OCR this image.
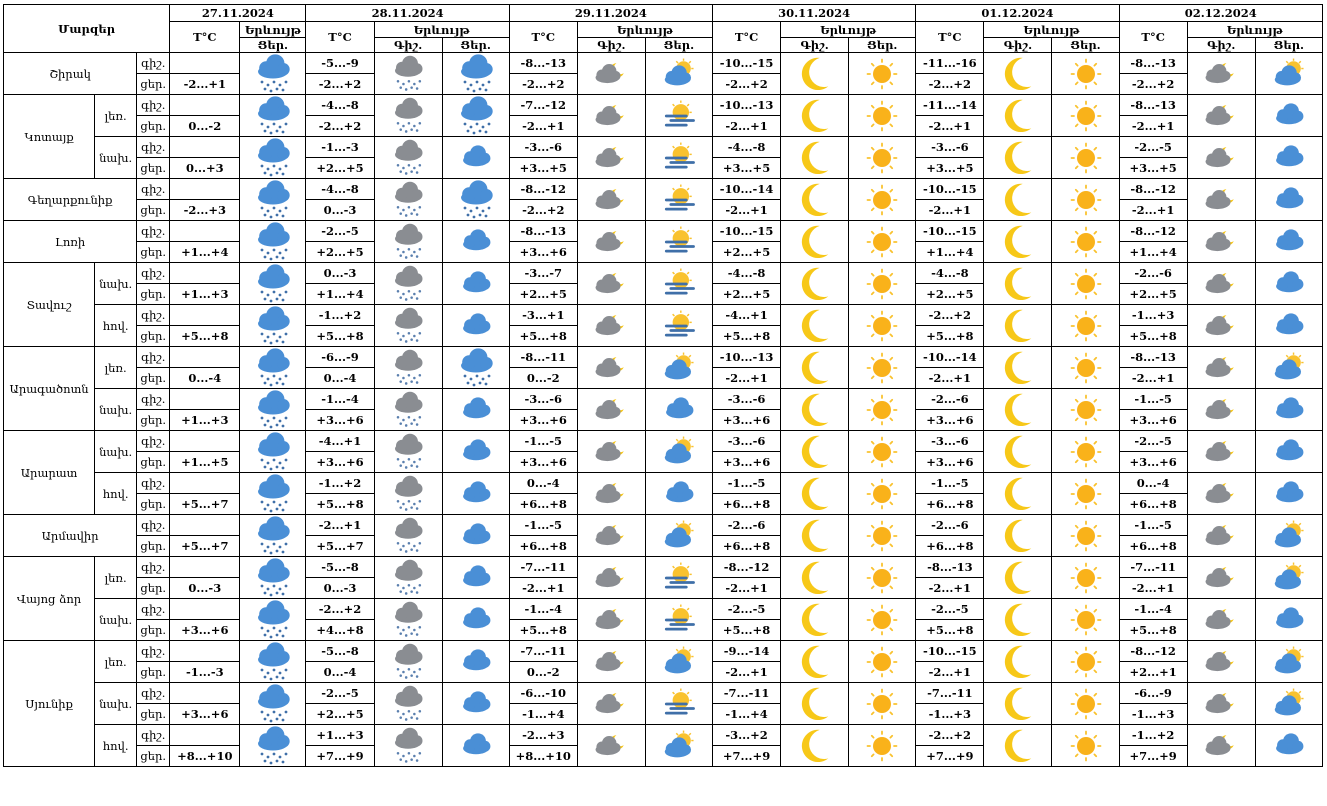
Մարզեր			27.11.2024		28.11.2024			29.11.2024			30.11.2024			01.12.2024			02.12.2024		
			T°C	Երևույթ	T°C	Երևույթ		T°C	Երևույթ		T°C	Երևույթ		T°C	Երևույթ		T°C	Երևույթ	
				Ցեր.		Գիշ.	Ցեր.		Գիշ.	Ցեր.		Գիշ.	Ցեր.		Գիշ.	Ցեր.		Գիշ.	Ցեր.
Շիրակ		գիշ.			-5...-9			-8...-13			-10...-15			-11...-16			-8...-13	

		ցեր.	-2...+1		-2...+2			-2...+2			-2...+2			-2...+2			-2...+2		
Կոտայք	լեռ.	գիշ.			-4...-8			-7...-12			-10...-13			-11...-14			-8...-13	

		ցեր.	0...-2		-2...+2			-2...+1			-2...+1			-2...+1			-2...+1		
	նախ.	գիշ.			-1...-3			-3...-6			-4...-8			-3...-6			-2...-5	

		ցեր.	0...+3		+2...+5			+3...+5			+3...+5			+3...+5			+3...+5		
Գեղարքունիք		գիշ.			-4...-8			-8...-12			-10...-14			-10...-15			-8...-12	

		ցեր.	-2...+3		0...-3			-2...+2			-2...+1			-2...+1			-2...+1		
Լոռի		գիշ.			-2...-5			-8...-13			-10...-15			-10...-15			-8...-12	

		ցեր.	+1...+4		+2...+5			+3...+6			+2...+5			+1...+4			+1...+4		
Տավուշ	նախ.	գիշ.			0...-3			-3...-7			-4...-8			-4...-8			-2...-6	

		ցեր.	+1...+3		+1...+4			+2...+5			+2...+5			+2...+5			+2...+5		
	հով.	գիշ.			-1...+2			-3...+1			-4...+1			-2...+2			-1...+3	

		ցեր.	+5...+8		+5...+8			+5...+8			+5...+8			+5...+8			+5...+8		
Արագածոտն	լեռ.	գիշ.			-6...-9			-8...-11			-10...-13			-10...-14			-8...-13	

		ցեր.	0...-4		0...-4			0...-2			-2...+1			-2...+1			-2...+1		
	նախ.	գիշ.			-1...-4			-3...-6			-3...-6			-2...-6			-1...-5	

		ցեր.	+1...+3		+3...+6			+3...+6			+3...+6			+3...+6			+3...+6		
Արարատ	նախ.	գիշ.			-4...+1			-1...-5			-3...-6			-3...-6			-2...-5	

		ցեր.	+1...+5		+3...+6			+3...+6			+3...+6			+3...+6			+3...+6		
	հով.	գիշ.			-1...+2			0...-4			-1...-5			-1...-5			0...-4	

		ցեր.	+5...+7		+5...+8			+6...+8			+6...+8			+6...+8			+6...+8		
Արմավիր		գիշ.			-2...+1			-1...-5			-2...-6			-2...-6			-1...-5	

		ցեր.	+5...+7		+5...+7			+6...+8			+6...+8			+6...+8			+6...+8		
Վայոց ձոր	լեռ.	գիշ.			-5...-8			-7...-11			-8...-12			-8...-13			-7...-11	

		ցեր.	0...-3		0...-3			-2...+1			-2...+1			-2...+1			-2...+1		
	նախ.	գիշ.			-2...+2			-1...-4			-2...-5			-2...-5			-1...-4	

		ցեր.	+3...+6		+4...+8			+5...+8			+5...+8			+5...+8			+5...+8		
Սյունիք	լեռ.	գիշ.			-5...-8			-7...-11			-9...-14			-10...-15			-8...-12	

		ցեր.	-1...-3		0...-4			0...-2			-2...+1			-2...+1			+2...+1		
	նախ.	գիշ.			-2...-5			-6...-10			-7...-11			-7...-11			-6...-9	

		ցեր.	+3...+6		+2...+5			-1...+4			-1...+4			-1...+3			-1...+3		
	հով.	գիշ.			+1...+3			-2...+3			-3...+2			-2...+2			-1...+2	

		ցեր.	+8...+10		+7...+9			+8...+10			+7...+9			+7...+9			+7...+9		
